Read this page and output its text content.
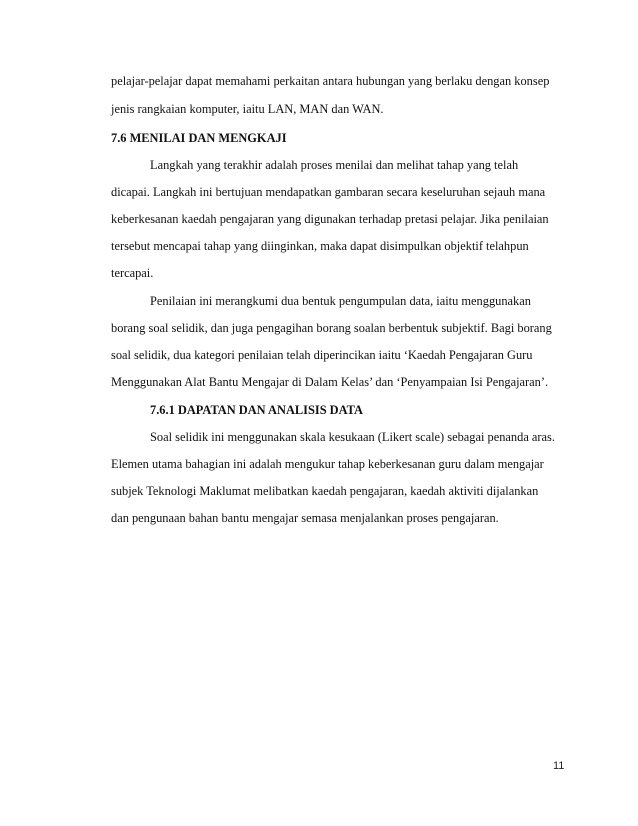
pelajar-pelajar dapat memahami perkaitan antara hubungan yang berlaku dengan konsep
jenis rangkaian komputer, iaitu LAN, MAN dan WAN.
7.6 MENILAI DAN MENGKAJI
Langkah yang terakhir adalah proses menilai dan melihat tahap yang telah
dicapai. Langkah ini bertujuan mendapatkan gambaran secara keseluruhan sejauh mana
keberkesanan kaedah pengajaran yang digunakan terhadap pretasi pelajar. Jika penilaian
tersebut mencapai tahap yang diinginkan, maka dapat disimpulkan objektif telahpun
tercapai.
Penilaian ini merangkumi dua bentuk pengumpulan data, iaitu menggunakan
borang soal selidik, dan juga pengagihan borang soalan berbentuk subjektif. Bagi borang
soal selidik, dua kategori penilaian telah diperincikan iaitu ‘Kaedah Pengajaran Guru
Menggunakan Alat Bantu Mengajar di Dalam Kelas’ dan ‘Penyampaian Isi Pengajaran’.
7.6.1 DAPATAN DAN ANALISIS DATA
Soal selidik ini menggunakan skala kesukaan (Likert scale) sebagai penanda aras.
Elemen utama bahagian ini adalah mengukur tahap keberkesanan guru dalam mengajar
subjek Teknologi Maklumat melibatkan kaedah pengajaran, kaedah aktiviti dijalankan
dan pengunaan bahan bantu mengajar semasa menjalankan proses pengajaran.
11
